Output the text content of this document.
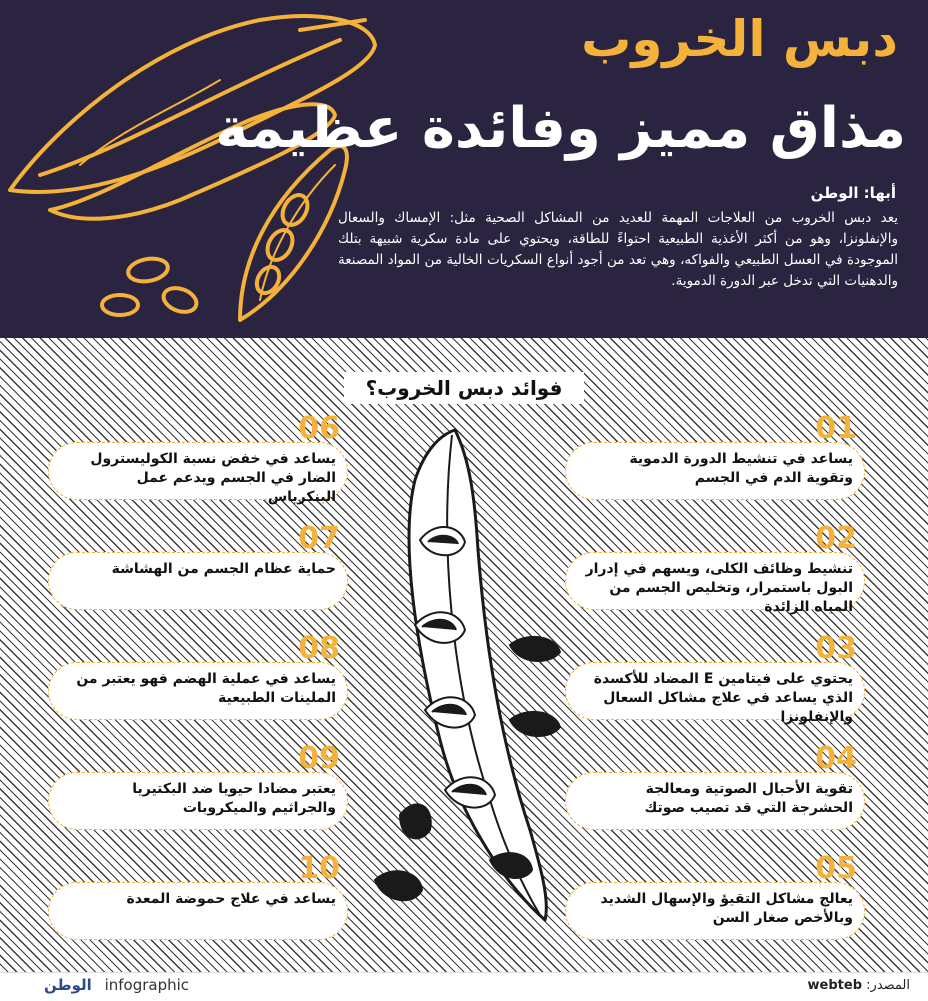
دبس الخروب
مذاق مميز وفائدة عظيمة
أبها: الوطن

يعد دبس الخروب من العلاجات المهمة للعديد من المشاكل الصحية مثل: الإمساك والسعال والإنفلونزا، وهو من أكثر الأغذية الطبيعية احتواءً للطاقة، ويحتوي على مادة سكرية شبيهة بتلك الموجودة في العسل الطبيعي والفواكه، وهي تعد من أجود أنواع السكريات الخالية من المواد المصنعة والدهنيات التي تدخل عبر الدورة الدموية.

فوائد دبس الخروب؟
01
يساعد في تنشيط الدورة الدموية وتقوية الدم في الجسم
02
تنشيط وظائف الكلى، ويسهم في إدرار البول باستمرار، وتخليص الجسم من المياه الزائدة
03
يحتوي على فيتامين E المضاد للأكسدة الذي يساعد في علاج مشاكل السعال والإنفلونزا
04
تقوية الأحبال الصوتية ومعالجة الحشرجة التي قد تصيب صوتك
05
يعالج مشاكل التقيؤ والإسهال الشديد وبالأخص صغار السن
06
يساعد في خفض نسبة الكوليسترول الضار في الجسم ويدعم عمل البنكرياس
07
حماية عظام الجسم من الهشاشة
08
يساعد في عملية الهضم فهو يعتبر من الملينات الطبيعية
09
يعتبر مضادا حيويا ضد البكتيريا والجراثيم والميكروبات
10
يساعد في علاج حموضة المعدة
المصدر: webteb
الوطن infographic
